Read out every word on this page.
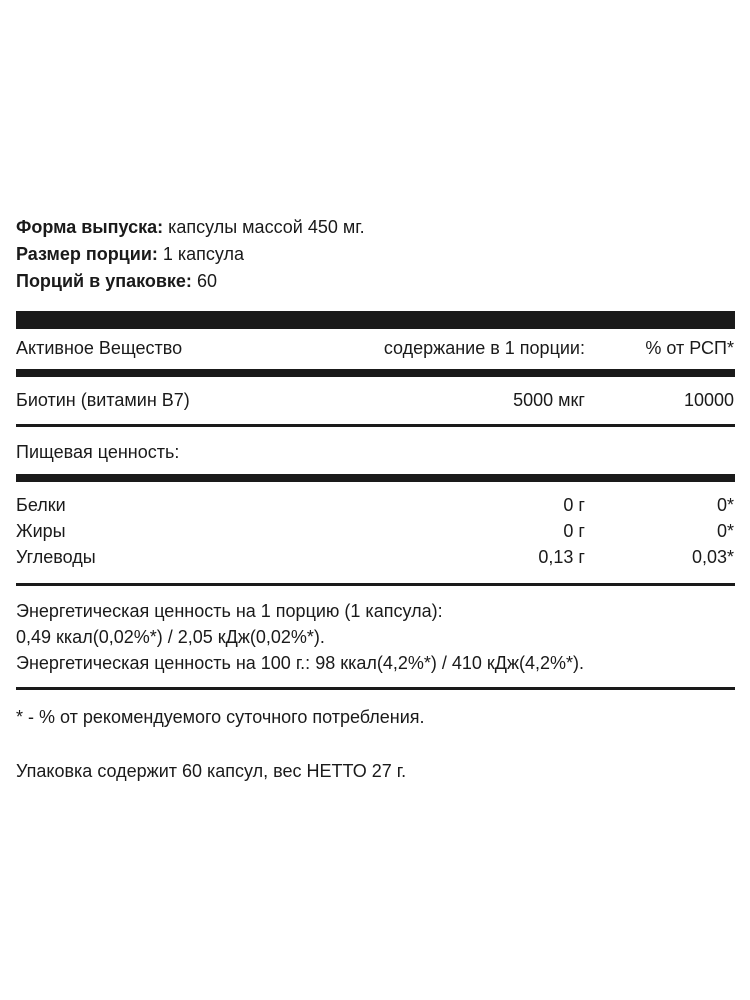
Форма выпуска: капсулы массой 450 мг.
Размер порции: 1 капсула
Порций в упаковке: 60
Активное Вещество	содержание в 1 порции:	% от РСП*
Биотин (витамин В7)	5000 мкг	10000
Пищевая ценность:
Белки	0 г	0*
Жиры	0 г	0*
Углеводы	0,13 г	0,03*
Энергетическая ценность на 1 порцию (1 капсула):
0,49 ккал(0,02%*) / 2,05 кДж(0,02%*).
Энергетическая ценность на 100 г.: 98 ккал(4,2%*) / 410 кДж(4,2%*).
* - % от рекомендуемого суточного потребления.
Упаковка содержит 60 капсул, вес НЕТТО 27 г.
